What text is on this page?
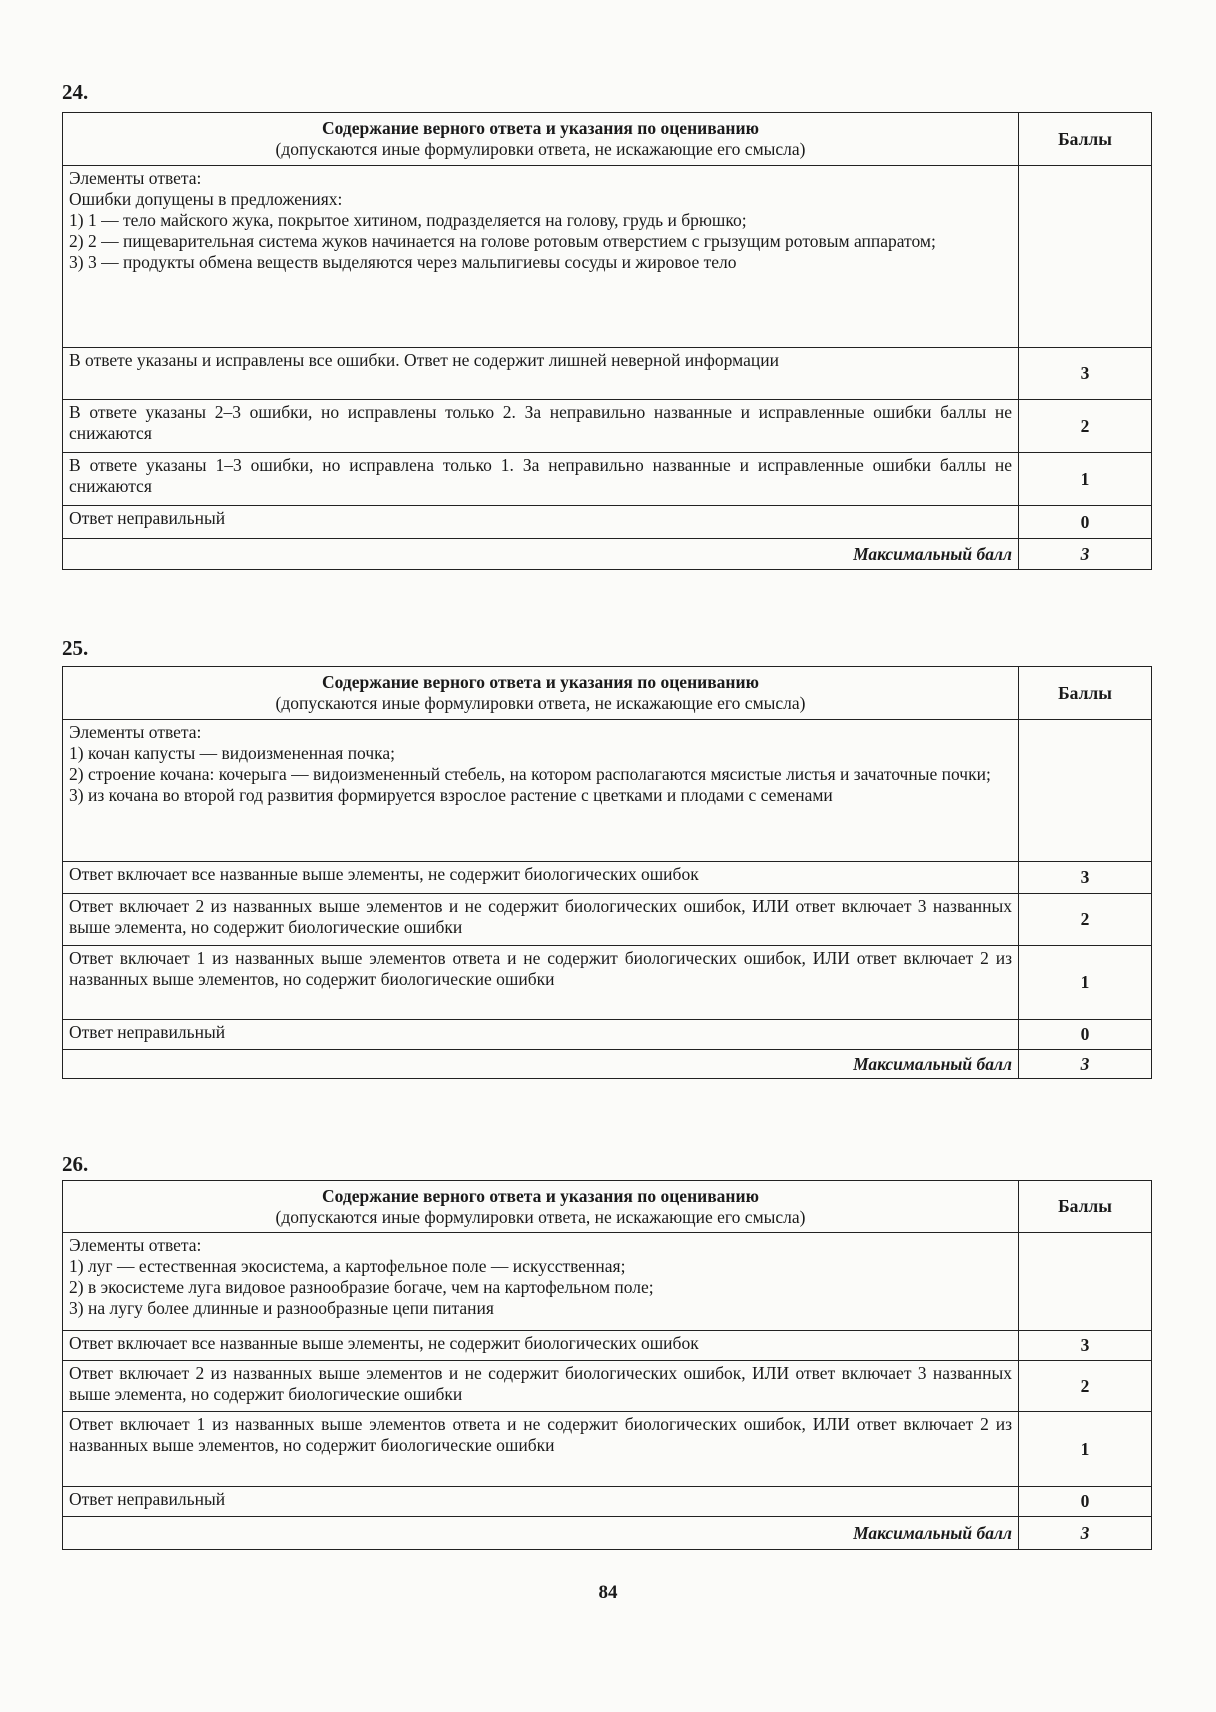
24.
Содержание верного ответа и указания по оцениванию
(допускаются иные формулировки ответа, не искажающие его смысла)	Баллы

Элементы ответа:
Ошибки допущены в предложениях:
1) 1 — тело майского жука, покрытое хитином, подразделяется на голову, грудь и брюшко;
2) 2 — пищеварительная система жуков начинается на голове ротовым отверстием с грызущим ротовым аппаратом;
3) 3 — продукты обмена веществ выделяются через мальпигиевы сосуды и жировое тело	

В ответе указаны и исправлены все ошибки. Ответ не содержит лишней неверной информации	3
В ответе указаны 2–3 ошибки, но исправлены только 2. За неправильно названные и исправленные ошибки баллы не снижаются	2
В ответе указаны 1–3 ошибки, но исправлена только 1. За неправильно названные и исправленные ошибки баллы не снижаются	1
Ответ неправильный	0
Максимальный балл	3
25.
Содержание верного ответа и указания по оцениванию
(допускаются иные формулировки ответа, не искажающие его смысла)	Баллы

Элементы ответа:
1) кочан капусты — видоизмененная почка;
2) строение кочана: кочерыга — видоизмененный стебель, на котором располагаются мясистые листья и зачаточные почки;
3) из кочана во второй год развития формируется взрослое растение с цветками и плодами с семенами	

Ответ включает все названные выше элементы, не содержит биологических ошибок	3
Ответ включает 2 из названных выше элементов и не содержит биологических ошибок, ИЛИ ответ включает 3 названных выше элемента, но содержит биологические ошибки	2
Ответ включает 1 из названных выше элементов ответа и не содержит биологических ошибок, ИЛИ ответ включает 2 из названных выше элементов, но содержит биологические ошибки	1
Ответ неправильный	0
Максимальный балл	3
26.
Содержание верного ответа и указания по оцениванию
(допускаются иные формулировки ответа, не искажающие его смысла)	Баллы

Элементы ответа:
1) луг — естественная экосистема, а картофельное поле — искусственная;
2) в экосистеме луга видовое разнообразие богаче, чем на картофельном поле;
3) на лугу более длинные и разнообразные цепи питания	

Ответ включает все названные выше элементы, не содержит биологических ошибок	3
Ответ включает 2 из названных выше элементов и не содержит биологических ошибок, ИЛИ ответ включает 3 названных выше элемента, но содержит биологические ошибки	2
Ответ включает 1 из названных выше элементов ответа и не содержит биологических ошибок, ИЛИ ответ включает 2 из названных выше элементов, но содержит биологические ошибки	1
Ответ неправильный	0
Максимальный балл	3
84
